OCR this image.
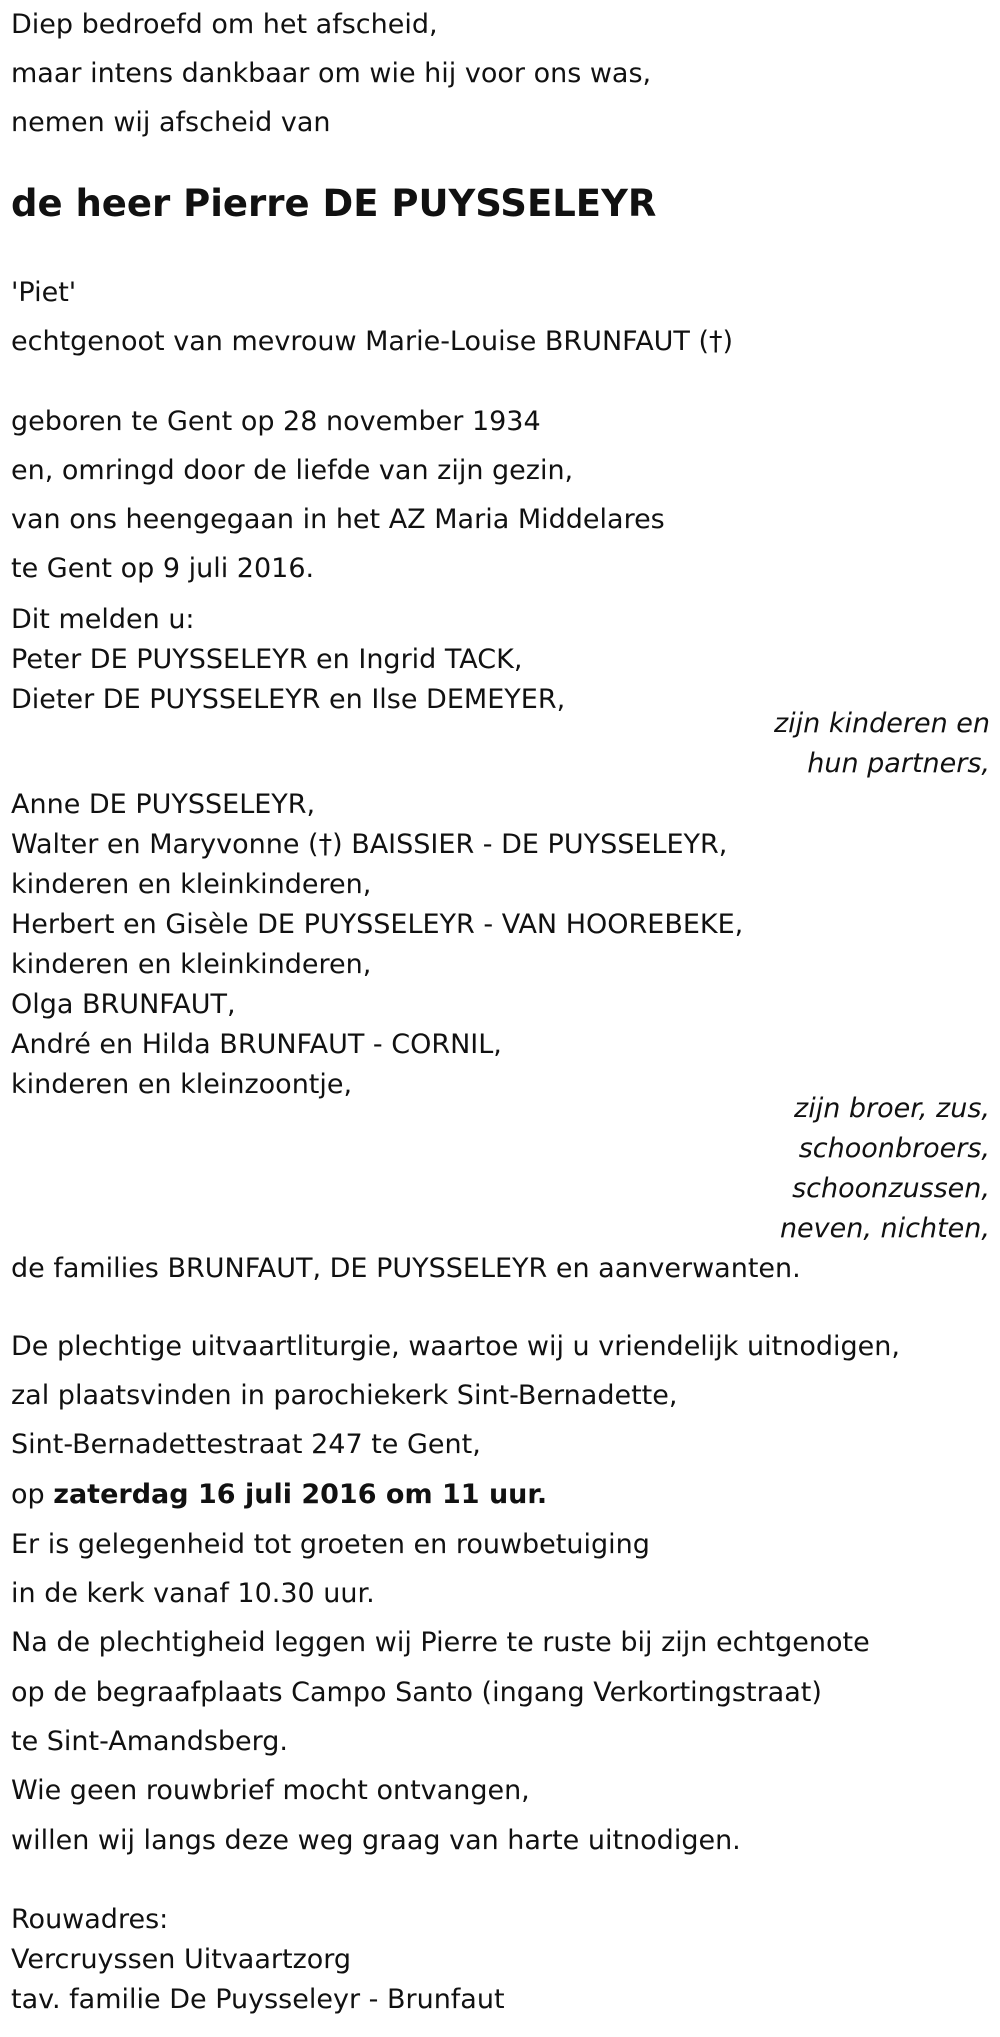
Diep bedroefd om het afscheid,
maar intens dankbaar om wie hij voor ons was,
nemen wij afscheid van
de heer Pierre DE PUYSSELEYR
'Piet'
echtgenoot van mevrouw Marie-Louise BRUNFAUT (†)
geboren te Gent op 28 november 1934
en, omringd door de liefde van zijn gezin,
van ons heengegaan in het AZ Maria Middelares
te Gent op 9 juli 2016.
Dit melden u:
Peter DE PUYSSELEYR en Ingrid TACK,
Dieter DE PUYSSELEYR en Ilse DEMEYER,
zijn kinderen en
hun partners,
Anne DE PUYSSELEYR,
Walter en Maryvonne (†) BAISSIER - DE PUYSSELEYR,
kinderen en kleinkinderen,
Herbert en Gisèle DE PUYSSELEYR - VAN HOOREBEKE,
kinderen en kleinkinderen,
Olga BRUNFAUT,
André en Hilda BRUNFAUT - CORNIL,
kinderen en kleinzoontje,
zijn broer, zus,
schoonbroers,
schoonzussen,
neven, nichten,
de families BRUNFAUT, DE PUYSSELEYR en aanverwanten.
De plechtige uitvaartliturgie, waartoe wij u vriendelijk uitnodigen,
zal plaatsvinden in parochiekerk Sint-Bernadette,
Sint-Bernadettestraat 247 te Gent,
op zaterdag 16 juli 2016 om 11 uur.
Er is gelegenheid tot groeten en rouwbetuiging
in de kerk vanaf 10.30 uur.
Na de plechtigheid leggen wij Pierre te ruste bij zijn echtgenote
op de begraafplaats Campo Santo (ingang Verkortingstraat)
te Sint-Amandsberg.
Wie geen rouwbrief mocht ontvangen,
willen wij langs deze weg graag van harte uitnodigen.
Rouwadres:
Vercruyssen Uitvaartzorg
tav. familie De Puysseleyr - Brunfaut
